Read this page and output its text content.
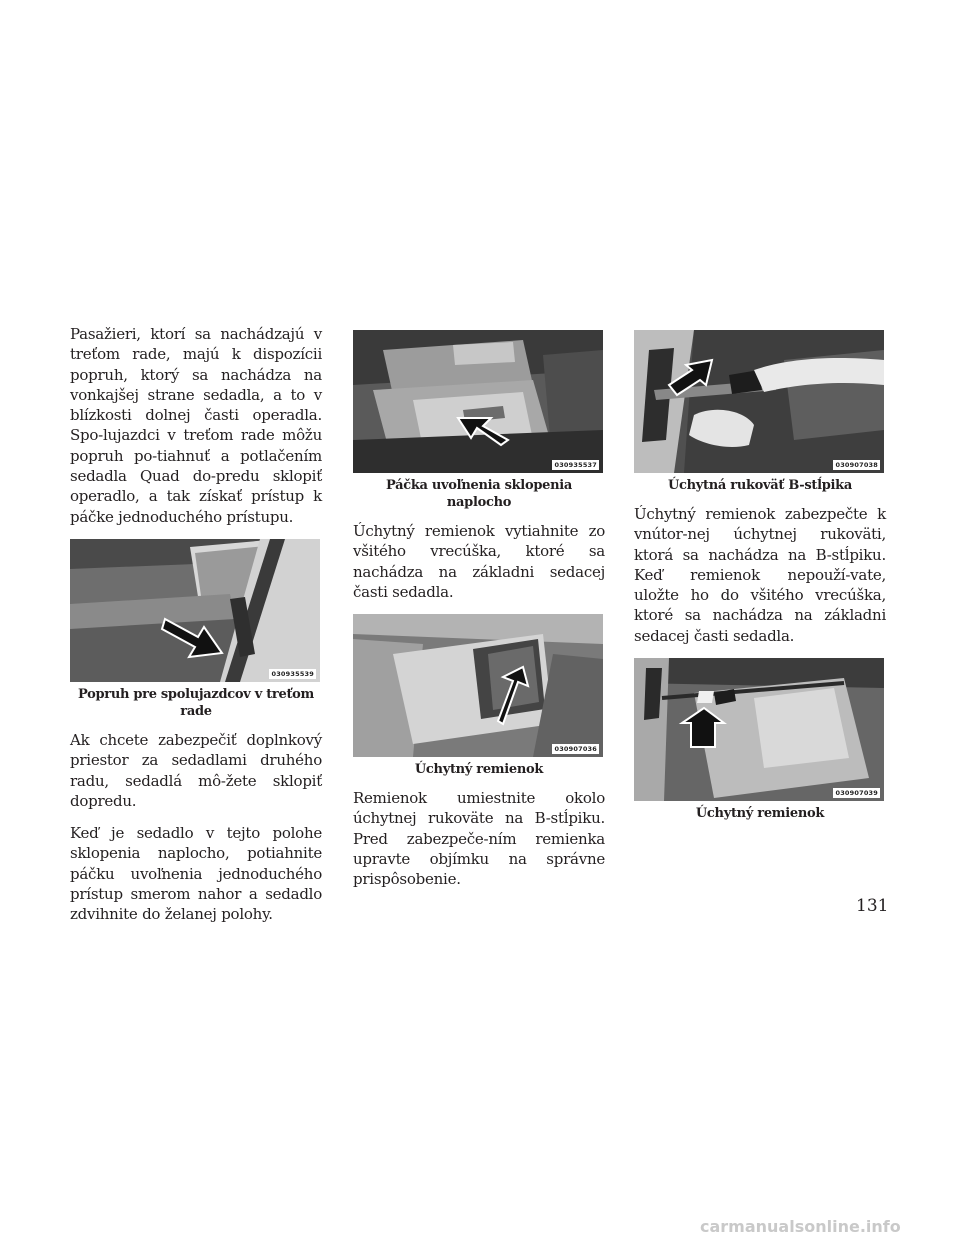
Pasažieri, ktorí sa nachádzajú v treťom rade, majú k dispozícii popruh, ktorý sa nachádza na vonkajšej strane sedadla, a to v blízkosti dolnej časti operadla. Spo-lujazdci v treťom rade môžu popruh po-tiahnuť a potlačením sedadla Quad do-predu sklopiť operadlo, a tak získať prístup k páčke jednoduchého prístupu.

030935539
Popruh pre spolujazdcov v treťom rade

Ak chcete zabezpečiť doplnkový priestor za sedadlami druhého radu, sedadlá mô-žete sklopiť dopredu.

Keď je sedadlo v tejto polohe sklopenia naplocho, potiahnite páčku uvoľnenia jednoduchého prístup smerom nahor a sedadlo zdvihnite do želanej polohy.

030935537
Páčka uvoľnenia sklopenia naplocho

Úchytný remienok vytiahnite zo všitého vrecúška, ktoré sa nachádza na základni sedacej časti sedadla.

030907036
Úchytný remienok

Remienok umiestnite okolo úchytnej rukoväte na B-stĺpiku. Pred zabezpeče-ním remienka upravte objímku na správne prispôsobenie.

030907038
Úchytná rukoväť B-stĺpika

Úchytný remienok zabezpečte k vnútor-nej úchytnej rukoväti, ktorá sa nachádza na B-stĺpiku. Keď remienok nepouží-vate, uložte ho do všitého vrecúška, ktoré sa nachádza na základni sedacej časti sedadla.

030907039
Úchytný remienok
131
carmanualsonline.info
